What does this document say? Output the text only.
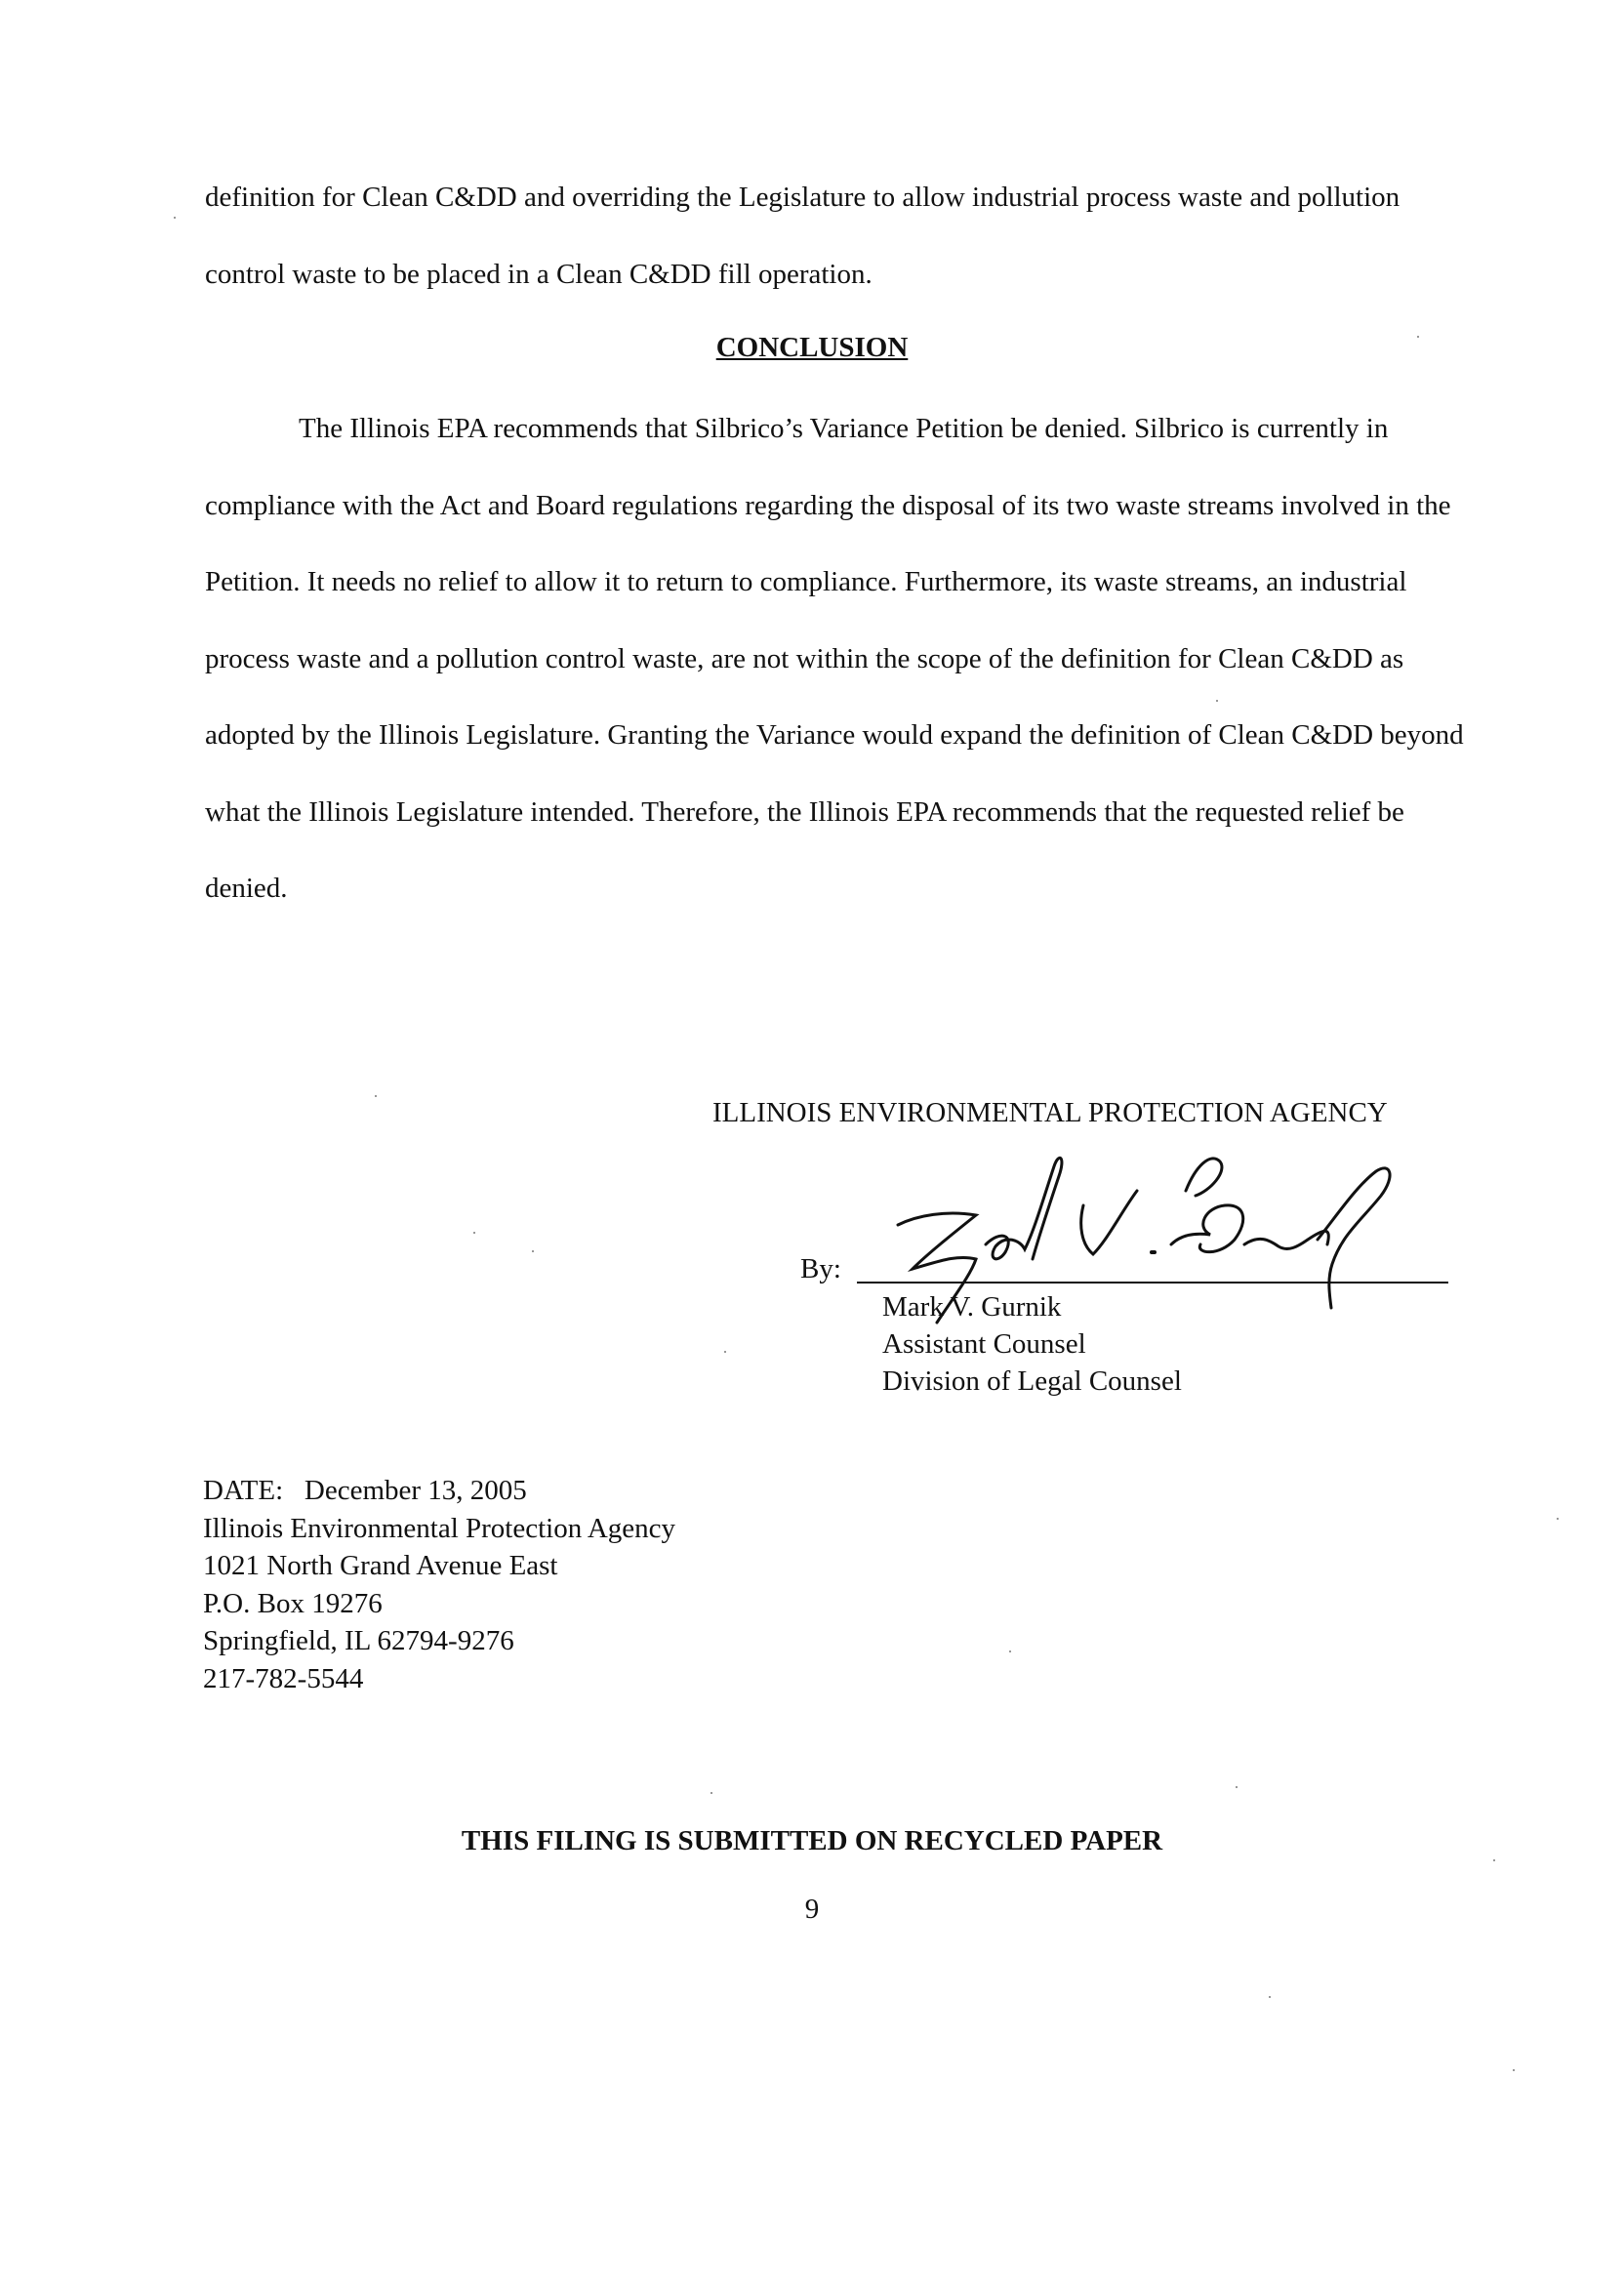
definition for Clean C&DD and overriding the Legislature to allow industrial process waste and pollution control waste to be placed in a Clean C&DD fill operation.

CONCLUSION

The Illinois EPA recommends that Silbrico’s Variance Petition be denied. Silbrico is currently in compliance with the Act and Board regulations regarding the disposal of its two waste streams involved in the Petition. It needs no relief to allow it to return to compliance. Furthermore, its waste streams, an industrial process waste and a pollution control waste, are not within the scope of the definition for Clean C&DD as adopted by the Illinois Legislature. Granting the Variance would expand the definition of Clean C&DD beyond what the Illinois Legislature intended. Therefore, the Illinois EPA recommends that the requested relief be denied.

ILLINOIS ENVIRONMENTAL PROTECTION AGENCY
By:
Mark V. Gurnik
Assistant Counsel
Division of Legal Counsel
DATE:   December 13, 2005
Illinois Environmental Protection Agency
1021 North Grand Avenue East
P.O. Box 19276
Springfield, IL 62794-9276
217-782-5544
THIS FILING IS SUBMITTED ON RECYCLED PAPER
9
